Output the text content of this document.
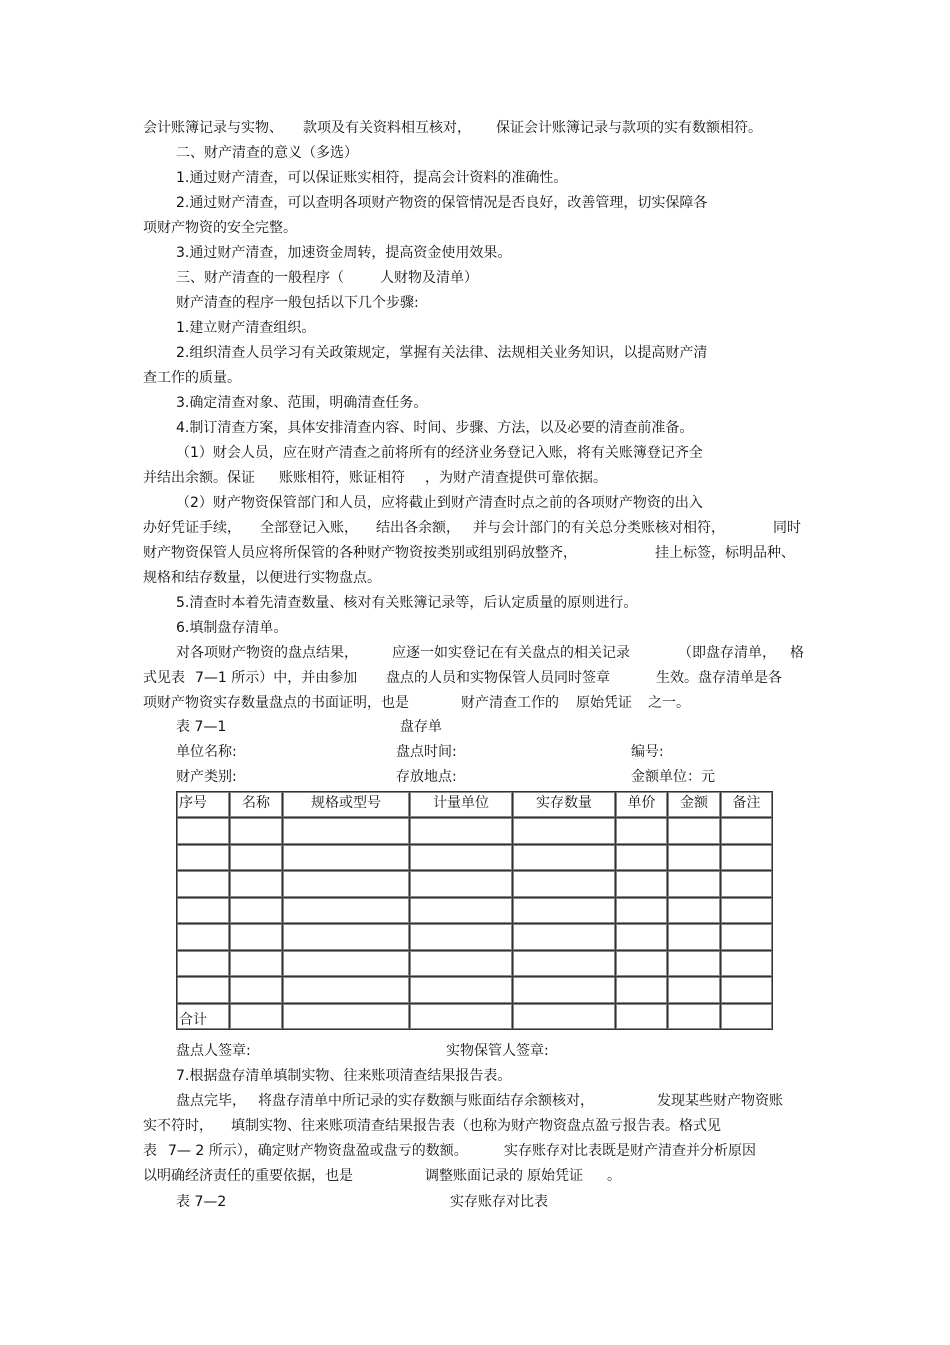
会计账簿记录与实物、 款项及有关资料相互核对， 保证会计账簿记录与款项的实有数额相符。
二、财产清查的意义（多选）
1.通过财产清查，可以保证账实相符，提高会计资料的准确性。
2.通过财产清查，可以查明各项财产物资的保管情况是否良好，改善管理，切实保障各
项财产物资的安全完整。
3.通过财产清查，加速资金周转，提高资金使用效果。
三、财产清查的一般程序（	人财物及清单）
财产清查的程序一般包括以下几个步骤:
1.建立财产清查组织。
2.组织清查人员学习有关政策规定，掌握有关法律、法规相关业务知识，以提高财产清
查工作的质量。
3.确定清查对象、范围，明确清查任务。
4.制订清查方案，具体安排清查内容、时间、步骤、方法，以及必要的清查前准备。
（1）财会人员，应在财产清查之前将所有的经济业务登记入账，将有关账簿登记齐全
并结出余额。保证 账账相符，账证相符 ，为财产清查提供可靠依据。
（2）财产物资保管部门和人员，应将截止到财产清查时点之前的各项财产物资的出入
办好凭证手续， 全部登记入账， 结出各余额， 并与会计部门的有关总分类账核对相符，	同时
财产物资保管人员应将所保管的各种财产物资按类别或组别码放整齐，	挂上标签，标明品种、
规格和结存数量，以便进行实物盘点。
5.清查时本着先清查数量、核对有关账簿记录等，后认定质量的原则进行。
6.填制盘存清单。
对各项财产物资的盘点结果， 应逐一如实登记在有关盘点的相关记录	（即盘存清单， 格
式见表 7—1 所示）中，并由参加 盘点的人员和实物保管人员同时签章	生效。盘存清单是各
项财产物资实存数量盘点的书面证明，也是	财产清查工作的 原始凭证 之一。
表 7—1	盘存单
单位名称:	盘点时间:	编号:
财产类别:	存放地点:	金额单位：元
序号	名称	规格或型号	计量单位	实存数量	单价	金额	备注

合计							
盘点人签章:	实物保管人签章:
7.根据盘存清单填制实物、往来账项清查结果报告表。
盘点完毕， 将盘存清单中所记录的实存数额与账面结存余额核对，	发现某些财产物资账
实不符时， 填制实物、往来账项清查结果报告表（也称为财产物资盘点盈亏报告表。格式见
表 7— 2 所示），确定财产物资盘盈或盘亏的数额。	实存账存对比表既是财产清查并分析原因
以明确经济责任的重要依据，也是	调整账面记录的 原始凭证 。
表 7—2	实存账存对比表
